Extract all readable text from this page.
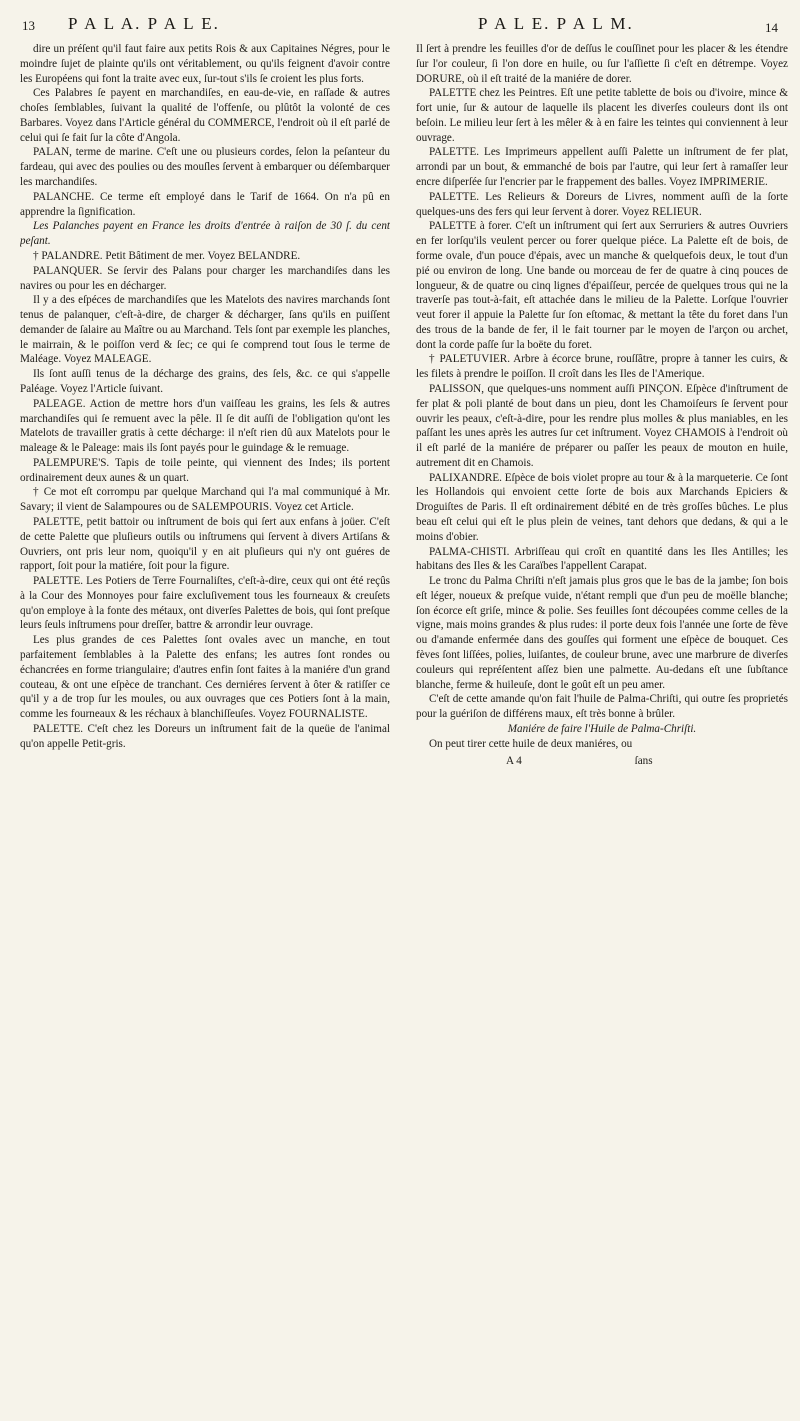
13 P A L A. P A L E.	P A L E. P A L M.	14

dire un préſent qu'il faut faire aux petits Rois & aux Capitaines Négres, pour le moindre ſujet de plainte qu'ils ont véritablement, ou qu'ils feignent d'avoir contre les Européens qui font la traite avec eux, ſur-tout s'ils ſe croient les plus forts.

Ces Palabres ſe payent en marchandiſes, en eau-de-vie, en raſſade & autres choſes ſemblables, ſuivant la qualité de l'offenſe, ou plûtôt la volonté de ces Barbares. Voyez dans l'Article général du COMMERCE, l'endroit où il eſt parlé de celui qui ſe fait ſur la côte d'Angola.

PALAN, terme de marine. C'eſt une ou plusieurs cordes, ſelon la peſanteur du fardeau, qui avec des poulies ou des mouſles ſervent à embarquer ou déſembarquer les marchandiſes.

PALANCHE. Ce terme eſt employé dans le Tarif de 1664. On n'a pû en apprendre la ſignification.

Les Palanches payent en France les droits d'entrée à raiſon de 30 ſ. du cent peſant.

† PALANDRE. Petit Bâtiment de mer. Voyez BELANDRE.

PALANQUER. Se ſervir des Palans pour charger les marchandiſes dans les navires ou pour les en décharger.

Il y a des eſpéces de marchandiſes que les Matelots des navires marchands ſont tenus de palanquer, c'eſt-à-dire, de charger & décharger, ſans qu'ils en puiſſent demander de ſalaire au Maître ou au Marchand. Tels ſont par exemple les planches, le mairrain, & le poiſſon verd & ſec; ce qui ſe comprend tout ſous le terme de Maléage. Voyez MALEAGE.

Ils ſont auſſi tenus de la décharge des grains, des ſels, &c. ce qui s'appelle Paléage. Voyez l'Article ſuivant.

PALEAGE. Action de mettre hors d'un vaiſſeau les grains, les ſels & autres marchandiſes qui ſe remuent avec la pêle. Il ſe dit auſſi de l'obligation qu'ont les Matelots de travailler gratis à cette décharge: il n'eſt rien dû aux Matelots pour le maleage & le Paleage: mais ils ſont payés pour le guindage & le remuage.

PALEMPURE'S. Tapis de toile peinte, qui viennent des Indes; ils portent ordinairement deux aunes & un quart.

† Ce mot eſt corrompu par quelque Marchand qui l'a mal communiqué à Mr. Savary; il vient de Salampoures ou de SALEMPOURIS. Voyez cet Article.

PALETTE, petit battoir ou inſtrument de bois qui ſert aux enfans à joüer. C'eſt de cette Palette que pluſieurs outils ou inſtrumens qui ſervent à divers Artiſans & Ouvriers, ont pris leur nom, quoiqu'il y en ait pluſieurs qui n'y ont guéres de rapport, ſoit pour la matiére, ſoit pour la figure.

PALETTE. Les Potiers de Terre Fournaliſtes, c'eſt-à-dire, ceux qui ont été reçûs à la Cour des Monnoyes pour faire excluſivement tous les fourneaux & creuſets qu'on employe à la fonte des métaux, ont diverſes Palettes de bois, qui ſont preſque leurs ſeuls inſtrumens pour dreſſer, battre & arrondir leur ouvrage.

Les plus grandes de ces Palettes ſont ovales avec un manche, en tout parfaitement ſemblables à la Palette des enfans; les autres ſont rondes ou échancrées en forme triangulaire; d'autres enfin ſont faites à la maniére d'un grand couteau, & ont une eſpèce de tranchant. Ces derniéres ſervent à ôter & ratiſſer ce qu'il y a de trop ſur les moules, ou aux ouvrages que ces Potiers ſont à la main, comme les fourneaux & les réchaux à blanchiſſeuſes. Voyez FOURNALISTE.

PALETTE. C'eſt chez les Doreurs un inſtrument fait de la queüe de l'animal qu'on appelle Petit-gris.

Il ſert à prendre les feuilles d'or de deſſus le couſſinet pour les placer & les étendre ſur l'or couleur, ſi l'on dore en huile, ou ſur l'aſſiette ſi c'eſt en détrempe. Voyez DORURE, où il eſt traité de la maniére de dorer.

PALETTE chez les Peintres. Eſt une petite tablette de bois ou d'ivoire, mince & fort unie, ſur & autour de laquelle ils placent les diverſes couleurs dont ils ont beſoin. Le milieu leur ſert à les mêler & à en faire les teintes qui conviennent à leur ouvrage.

PALETTE. Les Imprimeurs appellent auſſi Palette un inſtrument de fer plat, arrondi par un bout, & emmanché de bois par l'autre, qui leur ſert à ramaſſer leur encre diſperſée ſur l'encrier par le frappement des balles. Voyez IMPRIMERIE.

PALETTE. Les Relieurs & Doreurs de Livres, nomment auſſi de la ſorte quelques-uns des fers qui leur ſervent à dorer. Voyez RELIEUR.

PALETTE à forer. C'eſt un inſtrument qui ſert aux Serruriers & autres Ouvriers en fer lorſqu'ils veulent percer ou forer quelque piéce. La Palette eſt de bois, de forme ovale, d'un pouce d'épais, avec un manche & quelquefois deux, le tout d'un pié ou environ de long. Une bande ou morceau de fer de quatre à cinq pouces de longueur, & de quatre ou cinq lignes d'épaiſſeur, percée de quelques trous qui ne la traverſe pas tout-à-fait, eſt attachée dans le milieu de la Palette. Lorſque l'ouvrier veut forer il appuie la Palette ſur ſon eſtomac, & mettant la tête du foret dans l'un des trous de la bande de fer, il le fait tourner par le moyen de l'arçon ou archet, dont la corde paſſe ſur la boëte du foret.

† PALETUVIER. Arbre à écorce brune, rouſſâtre, propre à tanner les cuirs, & les filets à prendre le poiſſon. Il croît dans les Iles de l'Amerique.

PALISSON, que quelques-uns nomment auſſi PINÇON. Eſpèce d'inſtrument de fer plat & poli planté de bout dans un pieu, dont les Chamoiſeurs ſe ſervent pour ouvrir les peaux, c'eſt-à-dire, pour les rendre plus molles & plus maniables, en les paſſant les unes après les autres ſur cet inſtrument. Voyez CHAMOIS à l'endroit où il eſt parlé de la maniére de préparer ou paſſer les peaux de mouton en huile, autrement dit en Chamois.

PALIXANDRE. Eſpèce de bois violet propre au tour & à la marqueterie. Ce ſont les Hollandois qui envoient cette ſorte de bois aux Marchands Epiciers & Droguiſtes de Paris. Il eſt ordinairement débité en de très groſſes bûches. Le plus beau eſt celui qui eſt le plus plein de veines, tant dehors que dedans, & qui a le moins d'obier.

PALMA-CHISTI. Arbriſſeau qui croît en quantité dans les Iles Antilles; les habitans des Iles & les Caraïbes l'appellent Carapat.

Le tronc du Palma Chriſti n'eſt jamais plus gros que le bas de la jambe; ſon bois eſt léger, noueux & preſque vuide, n'étant rempli que d'un peu de moëlle blanche; ſon écorce eſt griſe, mince & polie. Ses feuilles ſont découpées comme celles de la vigne, mais moins grandes & plus rudes: il porte deux fois l'année une ſorte de fève ou d'amande enfermée dans des gouſſes qui forment une eſpèce de bouquet. Ces fèves ſont liſſées, polies, luiſantes, de couleur brune, avec une marbrure de diverſes couleurs qui repréſentent aſſez bien une palmette. Au-dedans eſt une ſubſtance blanche, ferme & huileuſe, dont le goût eſt un peu amer.

C'eſt de cette amande qu'on fait l'huile de Palma-Chriſti, qui outre ſes proprietés pour la guériſon de différens maux, eſt très bonne à brûler.

Maniére de faire l'Huile de Palma-Chriſti.

On peut tirer cette huile de deux maniéres, ou

A 4	ſans
